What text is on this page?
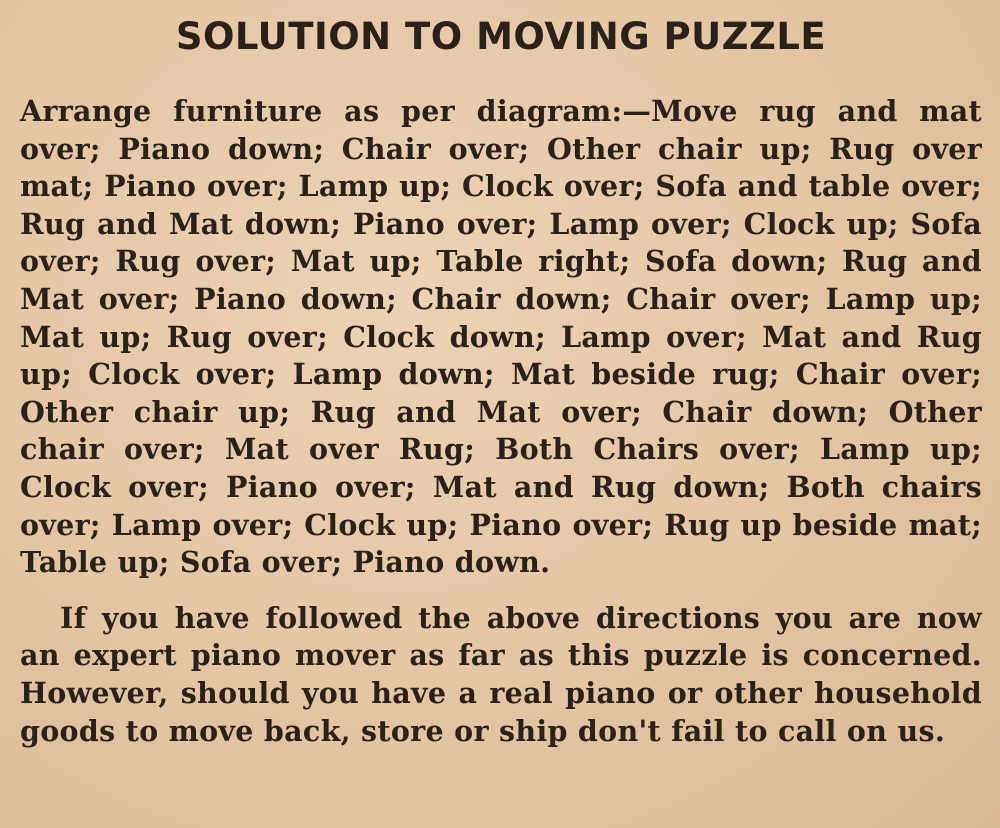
SOLUTION TO MOVING PUZZLE

Arrange furniture as per diagram:—Move rug and mat over; Piano down; Chair over; Other chair up; Rug over mat; Piano over; Lamp up; Clock over; Sofa and table over; Rug and Mat down; Piano over; Lamp over; Clock up; Sofa over; Rug over; Mat up; Table right; Sofa down; Rug and Mat over; Piano down; Chair down; Chair over; Lamp up; Mat up; Rug over; Clock down; Lamp over; Mat and Rug up; Clock over; Lamp down; Mat beside rug; Chair over; Other chair up; Rug and Mat over; Chair down; Other chair over; Mat over Rug; Both Chairs over; Lamp up; Clock over; Piano over; Mat and Rug down; Both chairs over; Lamp over; Clock up; Piano over; Rug up beside mat; Table up; Sofa over; Piano down.

If you have followed the above directions you are now an expert piano mover as far as this puzzle is concerned. However, should you have a real piano or other household goods to move back, store or ship don't fail to call on us.
